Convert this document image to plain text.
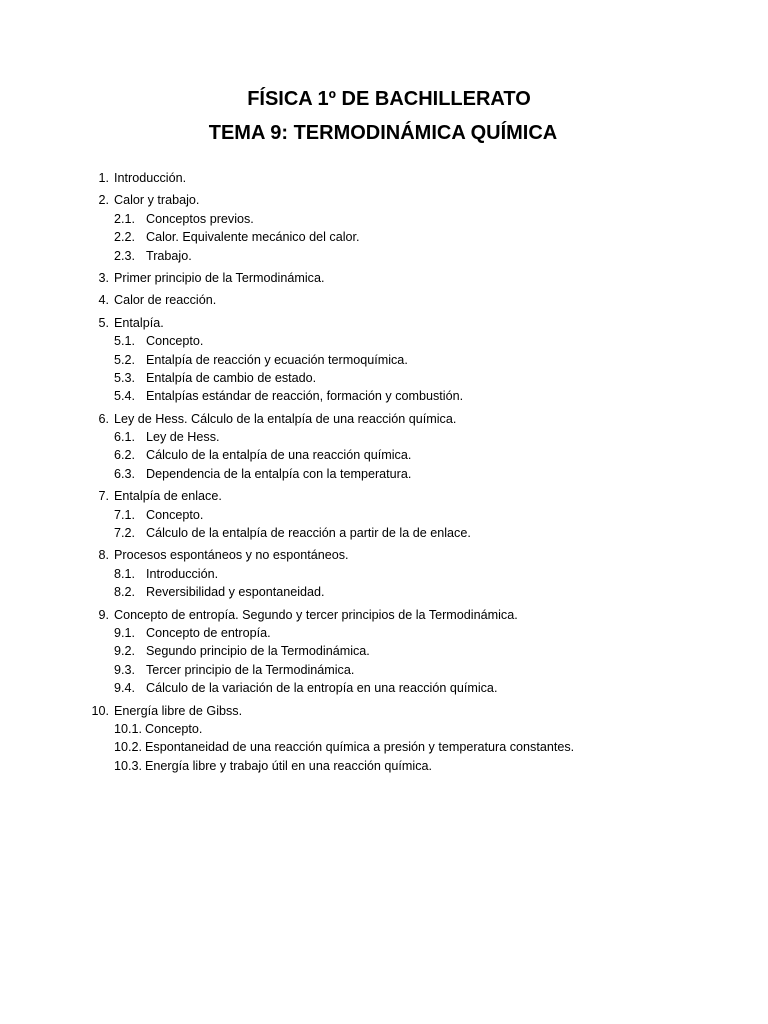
FÍSICA 1º DE BACHILLERATO
TEMA 9: TERMODINÁMICA QUÍMICA
1. Introducción.
2. Calor y trabajo.
2.1. Conceptos previos.
2.2. Calor. Equivalente mecánico del calor.
2.3. Trabajo.
3. Primer principio de la Termodinámica.
4. Calor de reacción.
5. Entalpía.
5.1. Concepto.
5.2. Entalpía de reacción y ecuación termoquímica.
5.3. Entalpía de cambio de estado.
5.4. Entalpías estándar de reacción, formación y combustión.
6. Ley de Hess. Cálculo de la entalpía de una reacción química.
6.1. Ley de Hess.
6.2. Cálculo de la entalpía de una reacción química.
6.3. Dependencia de la entalpía con la temperatura.
7. Entalpía de enlace.
7.1. Concepto.
7.2. Cálculo de la entalpía de reacción a partir de la de enlace.
8. Procesos espontáneos y no espontáneos.
8.1. Introducción.
8.2. Reversibilidad y espontaneidad.
9. Concepto de entropía. Segundo y tercer principios de la Termodinámica.
9.1. Concepto de entropía.
9.2. Segundo principio de la Termodinámica.
9.3. Tercer principio de la Termodinámica.
9.4. Cálculo de la variación de la entropía en una reacción química.
10. Energía libre de Gibss.
10.1. Concepto.
10.2. Espontaneidad de una reacción química a presión y temperatura constantes.
10.3. Energía libre y trabajo útil en una reacción química.
